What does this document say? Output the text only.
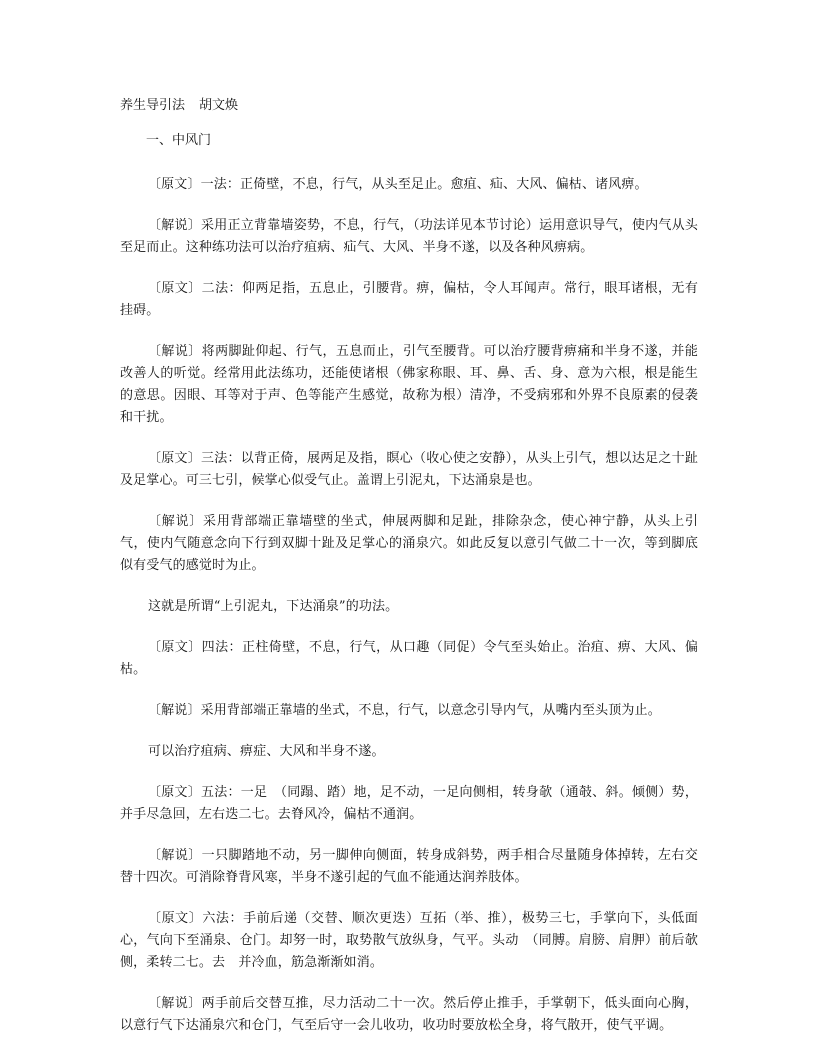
养生导引法 胡文焕
一、中风门

〔原文〕一法：正倚壁，不息，行气，从头至足止。愈疽、疝、大风、偏枯、诸风痹。

〔解说〕采用正立背靠墙姿势，不息，行气，（功法详见本节讨论）运用意识导气，使内气从头至足而止。这种练功法可以治疗疽病、疝气、大风、半身不遂，以及各种风痹病。

〔原文〕二法：仰两足指，五息止，引腰背。痹，偏枯，令人耳闻声。常行，眼耳诸根，无有挂碍。

〔解说〕将两脚趾仰起、行气，五息而止，引气至腰背。可以治疗腰背痹痛和半身不遂，并能改善人的听觉。经常用此法练功，还能使诸根（佛家称眼、耳、鼻、舌、身、意为六根，根是能生的意思。因眼、耳等对于声、色等能产生感觉，故称为根）清净，不受病邪和外界不良原素的侵袭和干扰。

〔原文〕三法：以背正倚，展两足及指，瞑心（收心使之安静），从头上引气，想以达足之十趾及足掌心。可三七引，候掌心似受气止。盖谓上引泥丸，下达涌泉是也。

〔解说〕采用背部端正靠墙壁的坐式，伸展两脚和足趾，排除杂念，使心神宁静，从头上引气，使内气随意念向下行到双脚十趾及足掌心的涌泉穴。如此反复以意引气做二十一次，等到脚底似有受气的感觉时为止。

这就是所谓“上引泥丸，下达涌泉”的功法。

〔原文〕四法：正柱倚壁，不息，行气，从口趣（同促）令气至头始止。治疽、痹、大风、偏枯。

〔解说〕采用背部端正靠墙的坐式，不息，行气，以意念引导内气，从嘴内至头顶为止。

可以治疗疽病、痹症、大风和半身不遂。

〔原文〕五法：一足　（同蹋、踏）地，足不动，一足向侧相，转身欹（通攲、斜。倾侧）势，并手尽急回，左右迭二七。去脊风冷，偏枯不通润。

〔解说〕一只脚踏地不动，另一脚伸向侧面，转身成斜势，两手相合尽量随身体掉转，左右交替十四次。可消除脊背风寒，半身不遂引起的气血不能通达润养肢体。

〔原文〕六法：手前后递（交替、顺次更迭）互拓（举、推），极势三七，手掌向下，头低面心，气向下至涌泉、仓门。却努一时，取势散气放纵身，气平。头动　（同膊。肩膀、肩胛）前后欹侧，柔转二七。去　并冷血，筋急渐渐如消。

〔解说〕两手前后交替互推，尽力活动二十一次。然后停止推手，手掌朝下，低头面向心胸，以意行气下达涌泉穴和仓门，气至后守一会儿收功，收功时要放松全身，将气散开，使气平调。
